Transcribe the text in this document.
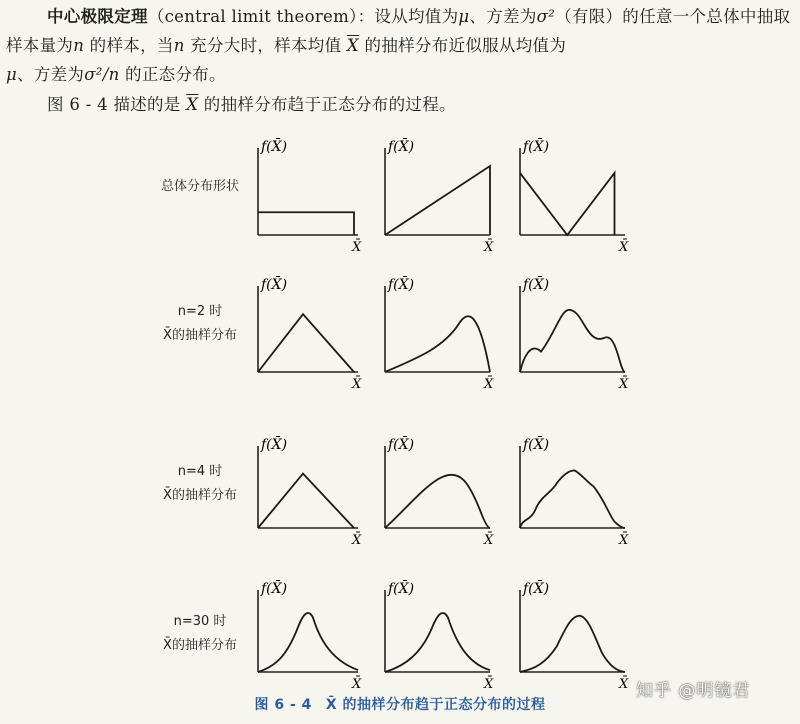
中心极限定理（central limit theorem）：设从均值为μ、方差为σ²（有限）的任意一个总体中抽取样本量为n 的样本，当n 充分大时，样本均值 $\overline{X}$ 的抽样分布近似服从均值为
μ、方差为σ²/n 的正态分布。
图 6 - 4 描述的是 $\overline{X}$ 的抽样分布趋于正态分布的过程。
总体分布形状
n=2 时
X̄的抽样分布
n=4 时
X̄的抽样分布
n=30 时
X̄的抽样分布
f(X̄)
X̄
f(X̄)
X̄
f(X̄)
X̄
f(X̄)
X̄
f(X̄)
X̄
f(X̄)
X̄
f(X̄)
X̄
f(X̄)
X̄
f(X̄)
X̄
f(X̄)
X̄
f(X̄)
X̄
f(X̄)
X̄
图 6 - 4 X̄ 的抽样分布趋于正态分布的过程
知乎 @明镜君
